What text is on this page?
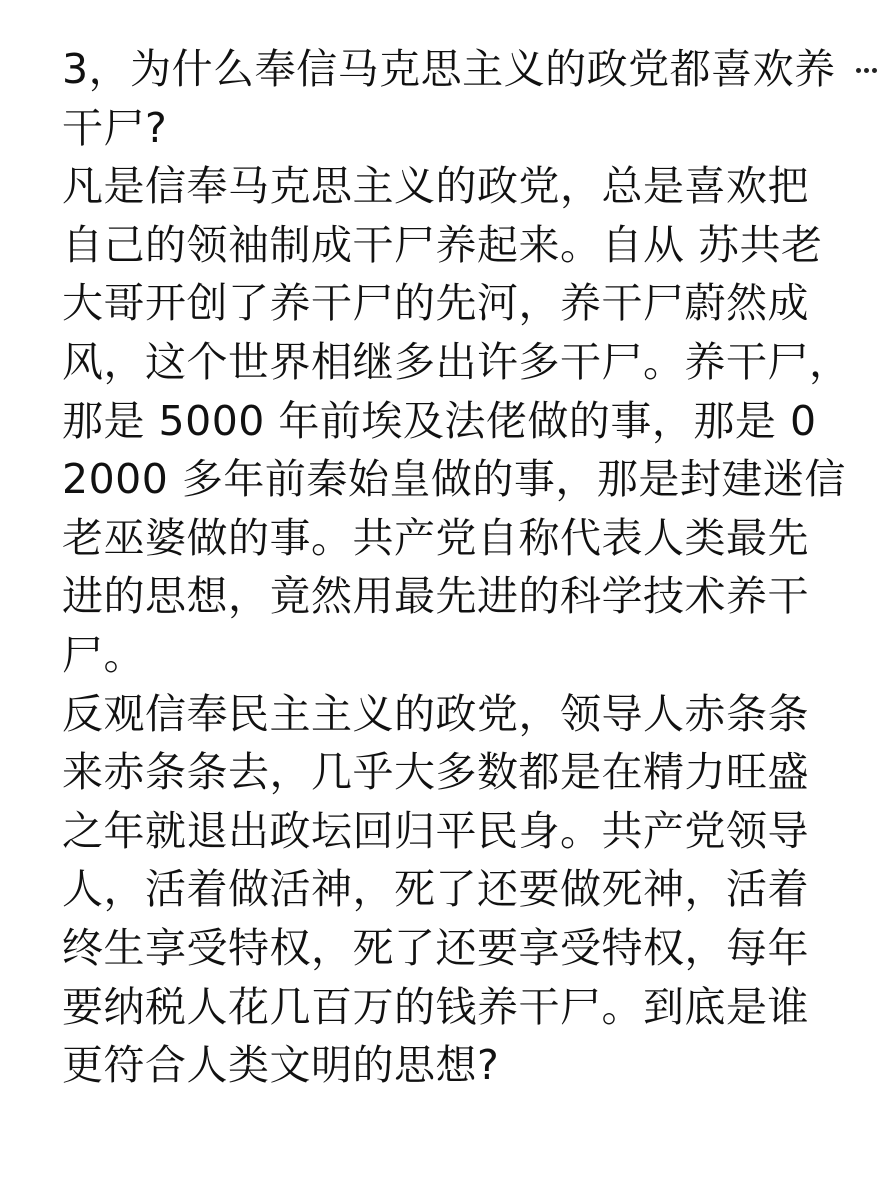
3，为什么奉信马克思主义的政党都喜欢养
干尸?
凡是信奉马克思主义的政党，总是喜欢把
自己的领袖制成干尸养起来。自从 苏共老
大哥开创了养干尸的先河，养干尸蔚然成
风，这个世界相继多出许多干尸。养干尸，
那是 5000 年前埃及法佬做的事，那是 0
2000 多年前秦始皇做的事，那是封建迷信
老巫婆做的事。共产党自称代表人类最先
进的思想，竟然用最先进的科学技术养干
尸。
反观信奉民主主义的政党，领导人赤条条
来赤条条去，几乎大多数都是在精力旺盛
之年就退出政坛回归平民身。共产党领导
人，活着做活神，死了还要做死神，活着
终生享受特权，死了还要享受特权，每年
要纳税人花几百万的钱养干尸。到底是谁
更符合人类文明的思想?
